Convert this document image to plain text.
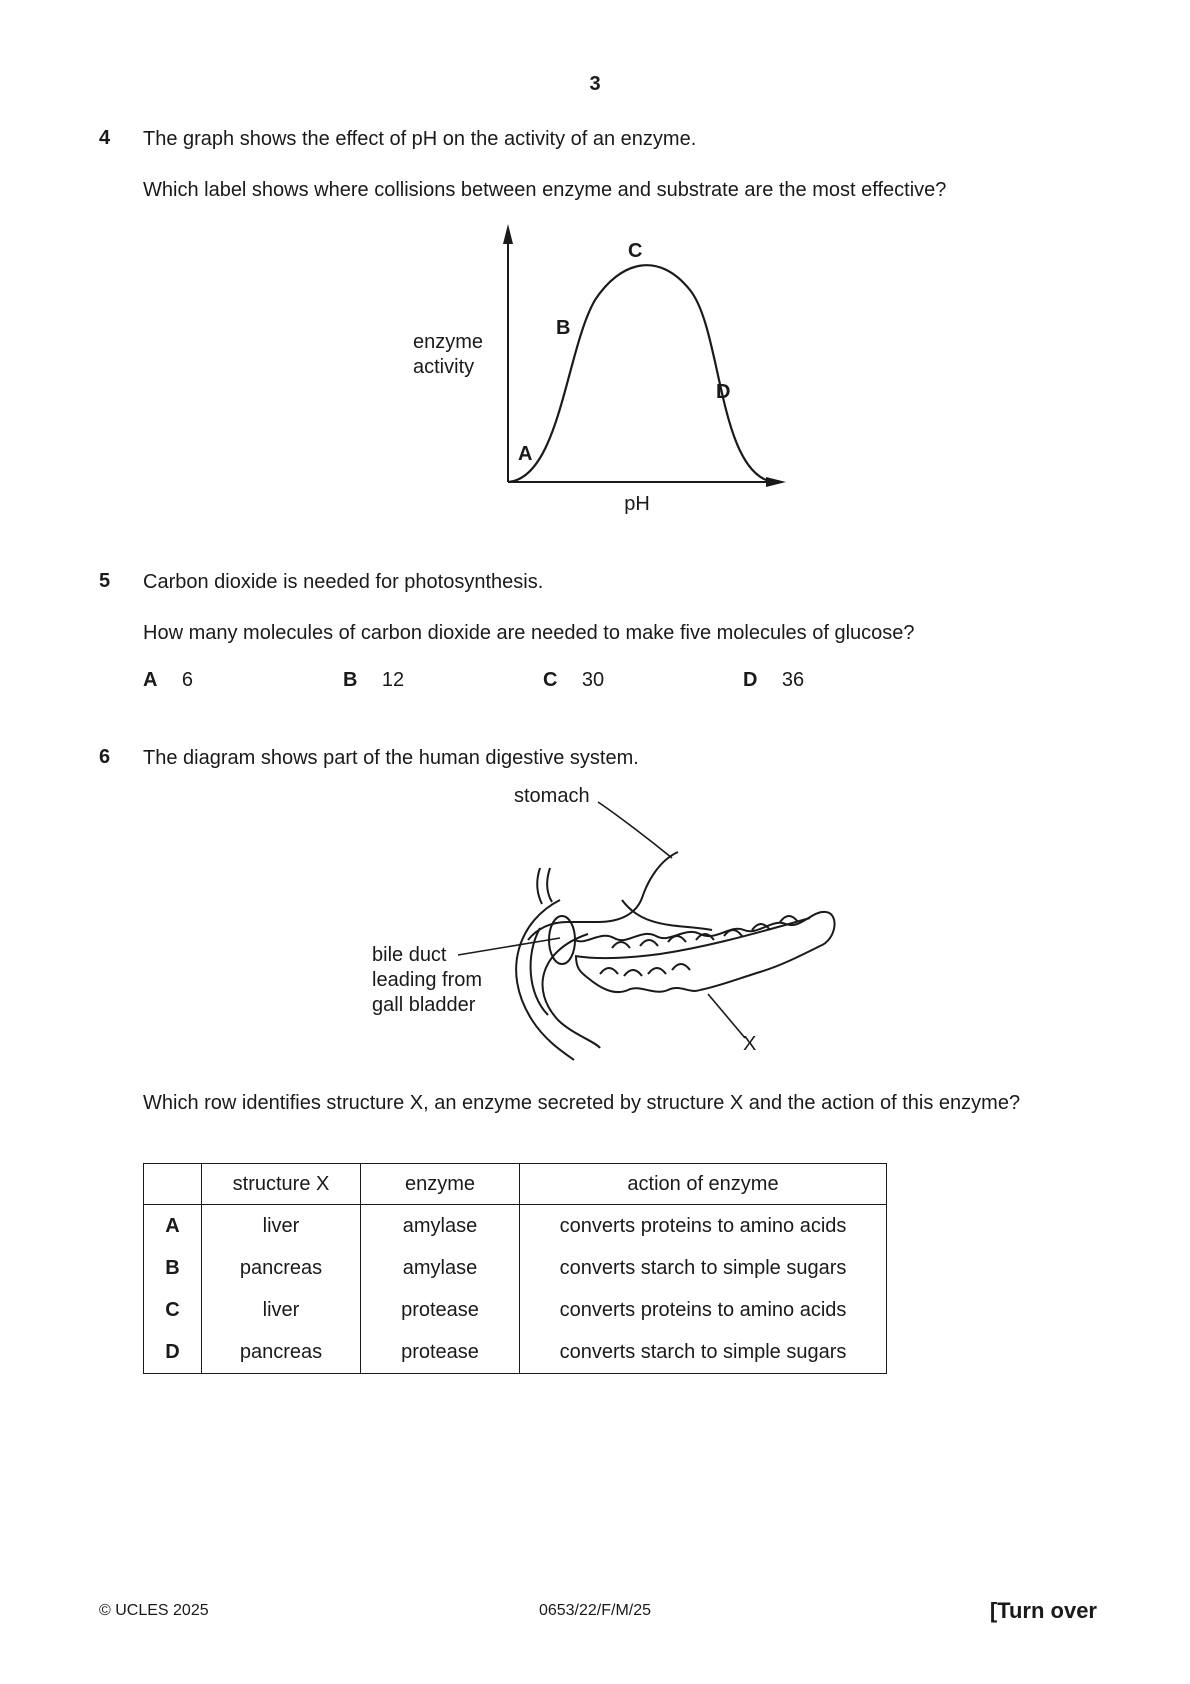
3
4 The graph shows the effect of pH on the activity of an enzyme.
Which label shows where collisions between enzyme and substrate are the most effective?
enzyme
activity
pH
A
B
C
D
5 Carbon dioxide is needed for photosynthesis.
How many molecules of carbon dioxide are needed to make five molecules of glucose?
A 6	B 12	C 30	D 36
6 The diagram shows part of the human digestive system.
stomach
bile duct
leading from
gall bladder
X
Which row identifies structure X, an enzyme secreted by structure X and the action of this enzyme?
	structure X	enzyme	action of enzyme
A	liver	amylase	converts proteins to amino acids
B	pancreas	amylase	converts starch to simple sugars
C	liver	protease	converts proteins to amino acids
D	pancreas	protease	converts starch to simple sugars
© UCLES 2025	0653/22/F/M/25	[Turn over
